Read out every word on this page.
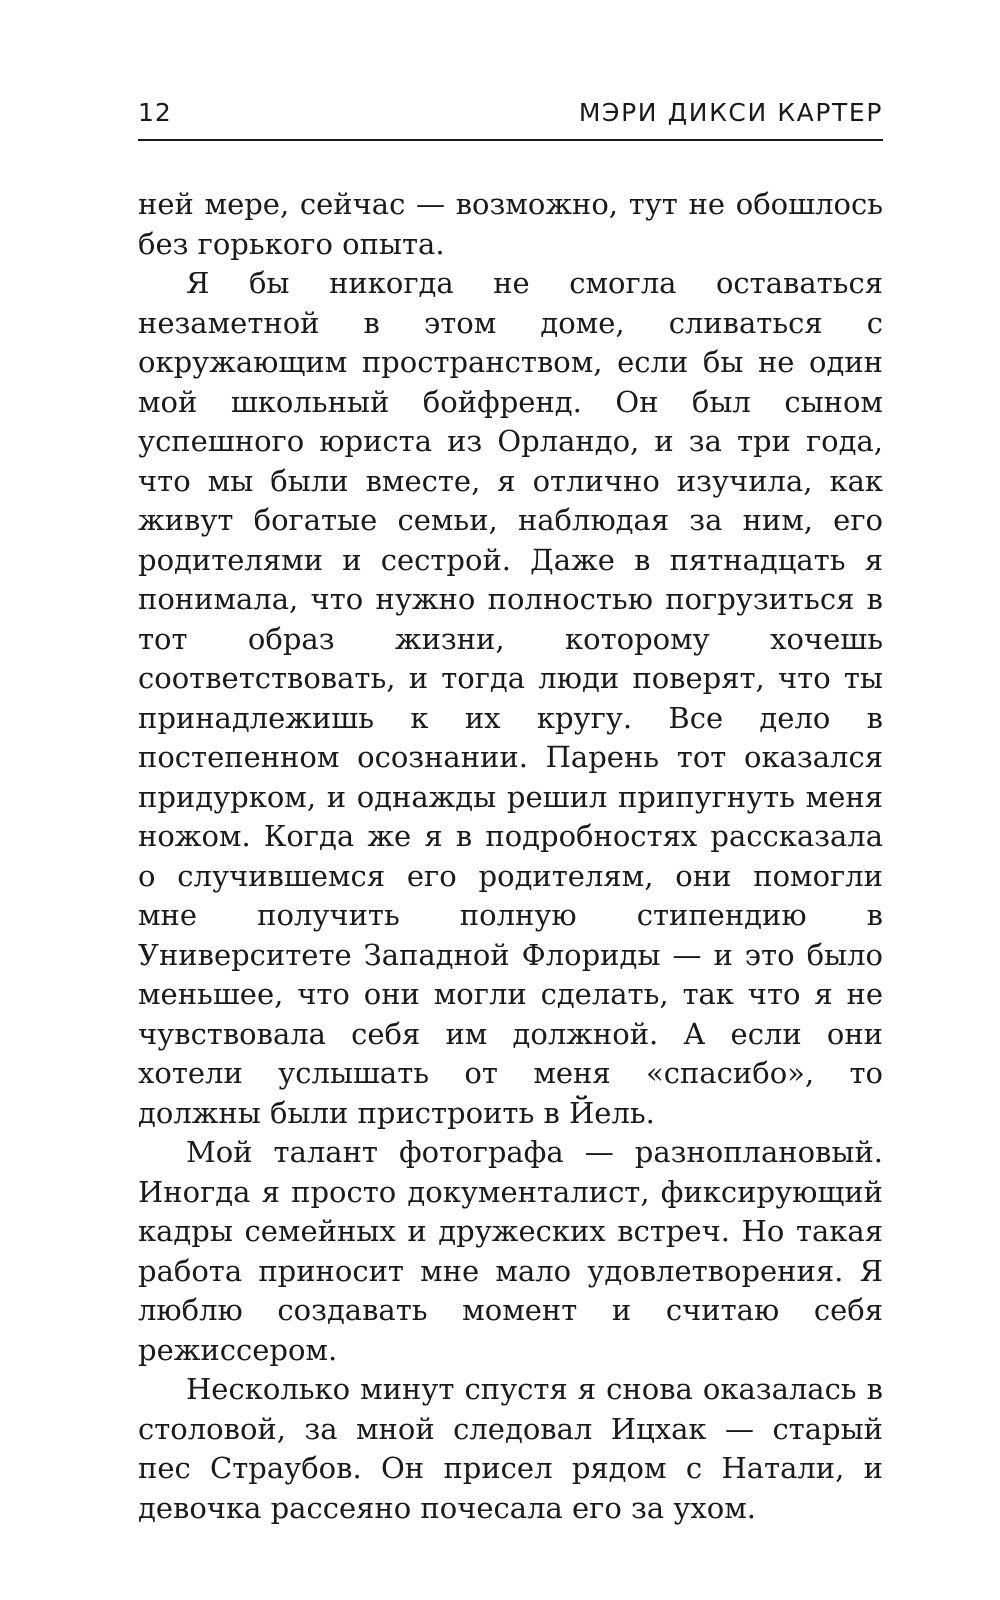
12	МЭРИ ДИКСИ КАРТЕР

ней мере, сейчас — возможно, тут не обошлось без горького опыта.

Я бы никогда не смогла оставаться незаметной в этом доме, сливаться с окружающим пространством, если бы не один мой школьный бойфренд. Он был сыном успешного юриста из Орландо, и за три года, что мы были вместе, я отлично изучила, как живут богатые семьи, наблюдая за ним, его родителями и сестрой. Даже в пятнадцать я понимала, что нужно полностью погрузиться в тот образ жизни, которому хочешь соответствовать, и тогда люди поверят, что ты принадлежишь к их кругу. Все дело в постепенном осознании. Парень тот оказался придурком, и однажды решил припугнуть меня ножом. Когда же я в подробностях рассказала о случившемся его родителям, они помогли мне получить полную стипендию в Университете Западной Флориды — и это было меньшее, что они могли сделать, так что я не чувствовала себя им должной. А если они хотели услышать от меня «спасибо», то должны были пристроить в Йель.

Мой талант фотографа — разноплановый. Иногда я просто документалист, фиксирующий кадры семейных и дружеских встреч. Но такая работа приносит мне мало удовлетворения. Я люблю создавать момент и считаю себя режиссером.

Несколько минут спустя я снова оказалась в столовой, за мной следовал Ицхак — старый пес Страубов. Он присел рядом с Натали, и девочка рассеяно почесала его за ухом.
